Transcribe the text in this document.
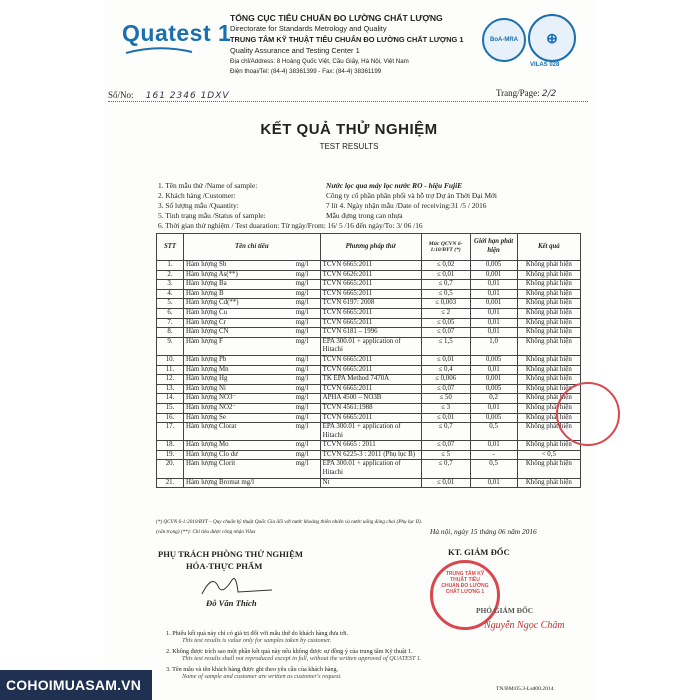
Quatest 1
TỔNG CỤC TIÊU CHUẨN ĐO LƯỜNG CHẤT LƯỢNG
Directorate for Standards Metrology and Quality
TRUNG TÂM KỸ THUẬT TIÊU CHUẨN ĐO LƯỜNG CHẤT LƯỢNG 1
Quality Assurance and Testing Center 1
Địa chỉ/Address: 8 Hoàng Quốc Việt, Cầu Giấy, Hà Nội, Việt Nam
Điện thoại/Tel: (84-4) 38361399 - Fax: (84-4) 38361199
BoA-MRA ⊕
VILAS 028
Số/No: 161 2346 1DXV	Trang/Page: 2/2
KẾT QUẢ THỬ NGHIỆM
TEST RESULTS
1. Tên mẫu thử /Name of sample:	Nước lọc qua máy lọc nước RO - hiệu FujiE
2. Khách hàng /Customer:	Công ty cổ phần phân phối và hỗ trợ Dự án Thời Đại Mới
3. Số lượng mẫu /Quantity:	7 lít 4. Ngày nhận mẫu /Date of receiving:31 /5 / 2016
5. Tình trạng mẫu /Status of sample:	Mẫu đựng trong can nhựa
6. Thời gian thử nghiệm / Test duaration: Từ ngày/From: 16/ 5 /16 đến ngày/To: 3/ 06 /16
STT	Tên chỉ tiêu		Phương pháp thử	Mức QCVN 6-1:10/BYT (*)	Giới hạn phát hiện	Kết quả
1.	Hàm lượng Sb	mg/l	TCVN 6665:2011	≤ 0,02	0,005	Không phát hiện
2.	Hàm lượng As(**)	mg/l	TCVN 6626:2011	≤ 0,01	0,001	Không phát hiện
3.	Hàm lượng Ba	mg/l	TCVN 6665:2011	≤ 0,7	0,01	Không phát hiện
4.	Hàm lượng B	mg/l	TCVN 6665:2011	≤ 0,5	0,01	Không phát hiện
5.	Hàm lượng Cd(**)	mg/l	TCVN 6197: 2008	≤ 0,003	0,001	Không phát hiện
6.	Hàm lượng Cu	mg/l	TCVN 6665:2011	≤ 2	0,01	Không phát hiện
7.	Hàm lượng Cr	mg/l	TCVN 6665:2011	≤ 0,05	0,01	Không phát hiện
8.	Hàm lượng CN	mg/l	TCVN 6181 – 1996	≤ 0,07	0,01	Không phát hiện
9.	Hàm lượng F	mg/l	EPA 300.01 + application of Hitachi	≤ 1,5	1,0	Không phát hiện
10.	Hàm lượng Pb	mg/l	TCVN 6665:2011	≤ 0,01	0,005	Không phát hiện
11.	Hàm lượng Mn	mg/l	TCVN 6665:2011	≤ 0,4	0,01	Không phát hiện
12.	Hàm lượng Hg	mg/l	TK EPA Method 7470A	≤ 0,006	0,001	Không phát hiện
13.	Hàm lượng Ni	mg/l	TCVN 6665:2011	≤ 0,07	0,005	Không phát hiện
14.	Hàm lượng NO3⁻	mg/l	APHA 4500 – NO3B	≤ 50	0,2	Không phát hiện
15.	Hàm lượng NO2⁻	mg/l	TCVN 4561:1988	≤ 3	0,01	Không phát hiện
16.	Hàm lượng Se	mg/l	TCVN 6665:2011	≤ 0,01	0,005	Không phát hiện
17.	Hàm lượng Clorat	mg/l	EPA 300.01 + application of Hitachi	≤ 0,7	0,5	Không phát hiện
18.	Hàm lượng Mo	mg/l	TCVN 6665 : 2011	≤ 0,07	0,01	Không phát hiện
19.	Hàm lượng Clo dư	mg/l	TCVN 6225-3 : 2011 (Phụ lục B)	≤ 5	-	< 0,5
20.	Hàm lượng Clorit	mg/l	EPA 300.01 + application of Hitachi	≤ 0,7	0,5	Không phát hiện
21.	Hàm lượng Bromat mg/l		Nt	≤ 0,01	0,01	Không phát hiện
(*) QCVN 6-1:2010/BYT – Quy chuẩn kỹ thuật Quốc Gia đối với nước khoáng thiên nhiên và nước uống đóng chai (Phụ lục II).
(cân trọng) (**): Chỉ tiêu được công nhận Vilas	Hà nội, ngày 15 tháng 06 năm 2016
PHỤ TRÁCH PHÒNG THỬ NGHIỆM
HÓA-THỰC PHẨM
Đỗ Văn Thích
KT. GIÁM ĐỐC
TRUNG TÂM KỸ THUẬT TIÊU CHUẨN ĐO LƯỜNG CHẤT LƯỢNG 1
PHÓ GIÁM ĐỐC
Nguyễn Ngọc Châm
1. Phiếu kết quả này chỉ có giá trị đối với mẫu thử do khách hàng đưa tới.
This test results is value only for samples taken by customer.
2. Không được trích sao một phần kết quả này nếu không được sự đồng ý của trung tâm Kỹ thuật 1.
This test results shall not reproduced except in full, without the written approved of QUATEST 1.
3. Tên mẫu và tên khách hàng được ghi theo yêu cầu của khách hàng.
Name of sample and customer are written as customer's request.
TN/BM/05.3-Lsd00.2014
COHOIMUASAM.VN
